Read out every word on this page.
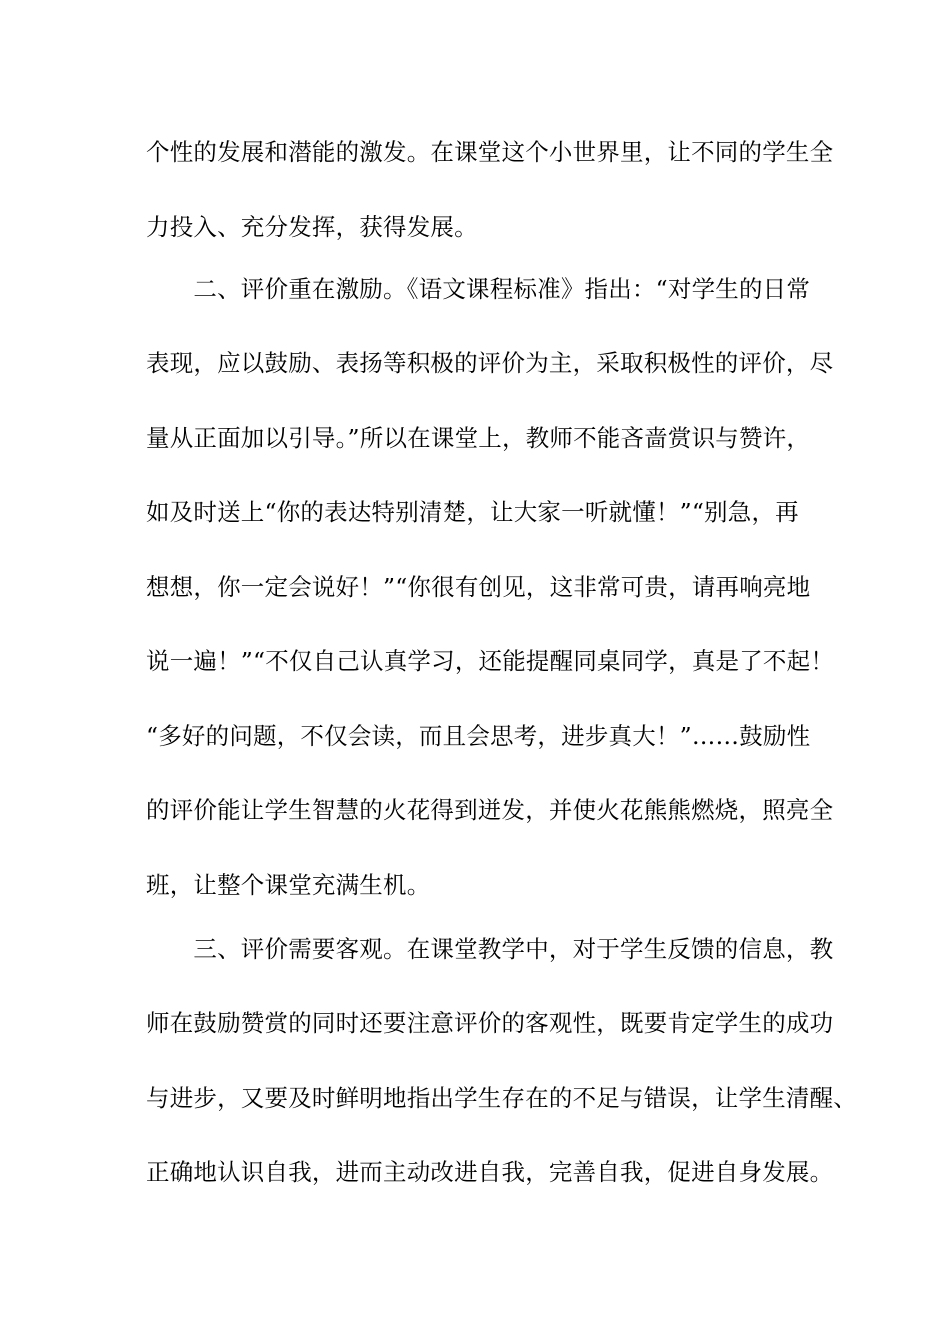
个性的发展和潜能的激发。在课堂这个小世界里，让不同的学生全
力投入、充分发挥，获得发展。
　　二、评价重在激励。《语文课程标准》指出：“对学生的日常
表现，应以鼓励、表扬等积极的评价为主，采取积极性的评价，尽
量从正面加以引导。”所以在课堂上，教师不能吝啬赏识与赞许，
如及时送上“你的表达特别清楚，让大家一听就懂！”“别急，再
想想，你一定会说好！”“你很有创见，这非常可贵，请再响亮地
说一遍！”“不仅自己认真学习，还能提醒同桌同学，真是了不起！
“多好的问题，不仅会读，而且会思考，进步真大！”……鼓励性
的评价能让学生智慧的火花得到迸发，并使火花熊熊燃烧，照亮全
班，让整个课堂充满生机。
　　三、评价需要客观。在课堂教学中，对于学生反馈的信息，教
师在鼓励赞赏的同时还要注意评价的客观性，既要肯定学生的成功
与进步，又要及时鲜明地指出学生存在的不足与错误，让学生清醒、
正确地认识自我，进而主动改进自我，完善自我，促进自身发展。
